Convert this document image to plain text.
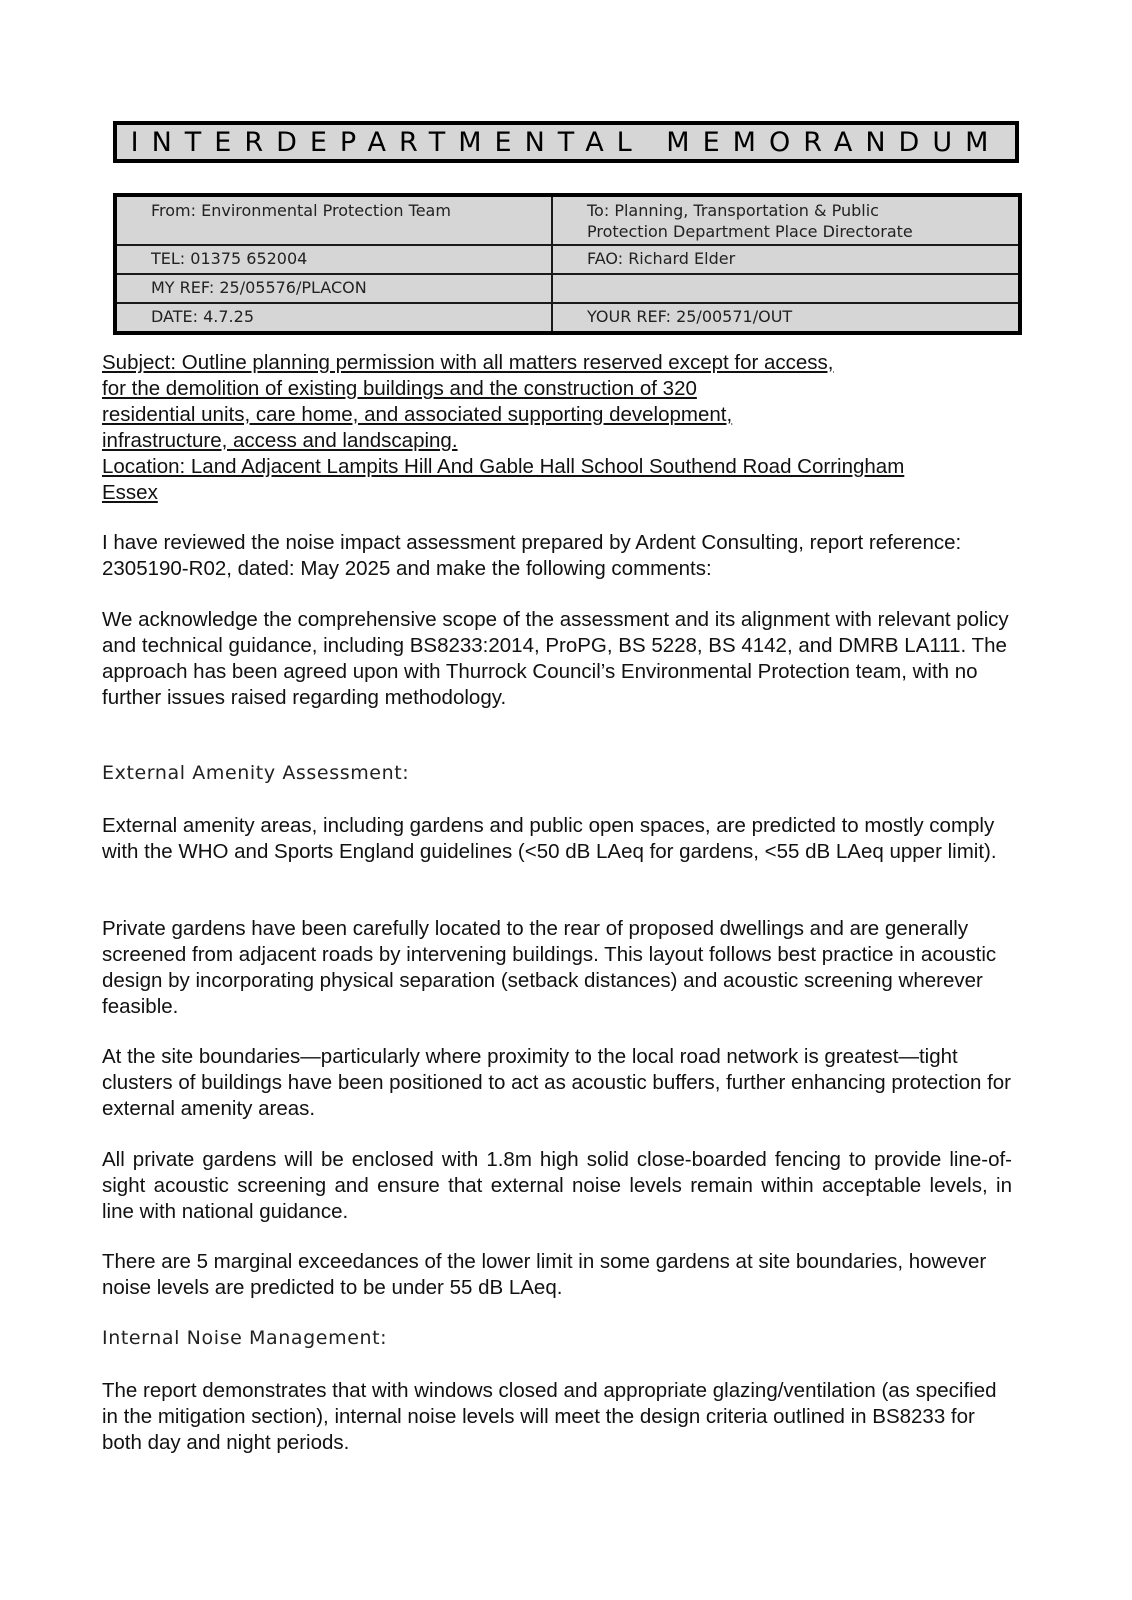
INTERDEPARTMENTAL MEMORANDUM
From: Environmental Protection Team	To: Planning, Transportation & Public
Protection Department Place Directorate

TEL: 01375 652004	FAO: Richard Elder
MY REF: 25/05576/PLACON	
DATE: 4.7.25	YOUR REF: 25/00571/OUT
Subject: Outline planning permission with all matters reserved except for access,
for the demolition of existing buildings and the construction of 320
residential units, care home, and associated supporting development,
infrastructure, access and landscaping.
Location: Land Adjacent Lampits Hill And Gable Hall School Southend Road Corringham
Essex

I have reviewed the noise impact assessment prepared by Ardent Consulting, report reference: 2305190-R02, dated: May 2025 and make the following comments:

We acknowledge the comprehensive scope of the assessment and its alignment with relevant policy and technical guidance, including BS8233:2014, ProPG, BS 5228, BS 4142, and DMRB LA111. The approach has been agreed upon with Thurrock Council’s Environmental Protection team, with no further issues raised regarding methodology.

External Amenity Assessment:

External amenity areas, including gardens and public open spaces, are predicted to mostly comply with the WHO and Sports England guidelines (<50 dB LAeq for gardens, <55 dB LAeq upper limit).

Private gardens have been carefully located to the rear of proposed dwellings and are generally screened from adjacent roads by intervening buildings. This layout follows best practice in acoustic design by incorporating physical separation (setback distances) and acoustic screening wherever feasible.

At the site boundaries—particularly where proximity to the local road network is greatest—tight clusters of buildings have been positioned to act as acoustic buffers, further enhancing protection for external amenity areas.

All private gardens will be enclosed with 1.8m high solid close-boarded fencing to provide line-of-sight acoustic screening and ensure that external noise levels remain within acceptable levels, in line with national guidance.

There are 5 marginal exceedances of the lower limit in some gardens at site boundaries, however noise levels are predicted to be under 55 dB LAeq.

Internal Noise Management:

The report demonstrates that with windows closed and appropriate glazing/ventilation (as specified in the mitigation section), internal noise levels will meet the design criteria outlined in BS8233 for both day and night periods.
